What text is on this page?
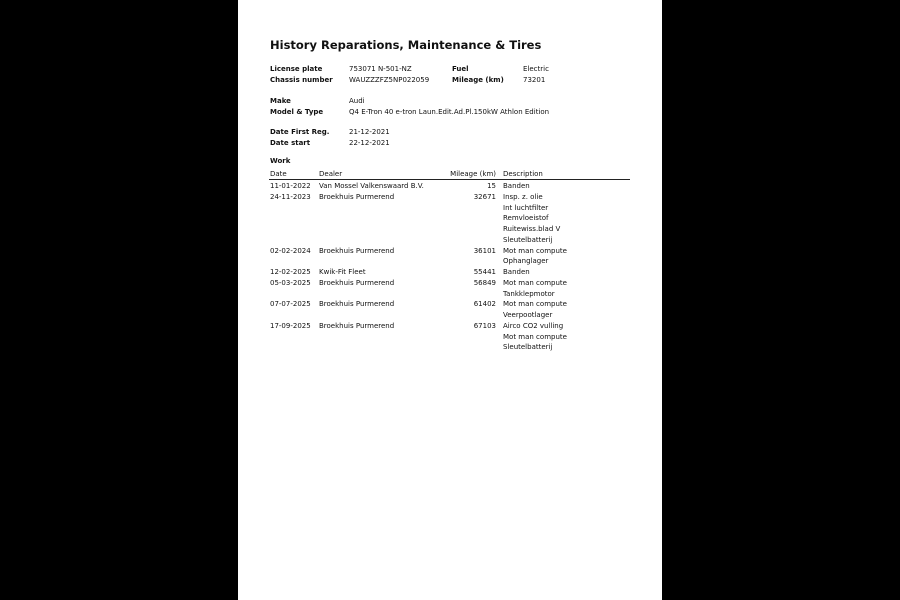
History Reparations, Maintenance & Tires
License plate	753071 N-501-NZ	Fuel	Electric
Chassis number WAUZZZFZ5NP022059	Mileage (km)	73201
Make	Audi
Model & Type	Q4 E-Tron 40 e-tron Laun.Edit.Ad.Pl.150kW Athlon Edition
Date First Reg.	21-12-2021
Date start	22-12-2021
Work
Date	Dealer	Mileage (km) Description
11-01-2022 Van Mossel Valkenswaard B.V.	15 Banden
24-11-2023 Broekhuis Purmerend	32671 Insp. z. olie
Int luchtfilter
Remvloeistof
Ruitewiss.blad V
Sleutelbatterij
02-02-2024 Broekhuis Purmerend	36101 Mot man compute
Ophanglager
12-02-2025 Kwik-Fit Fleet	55441 Banden
05-03-2025 Broekhuis Purmerend	56849 Mot man compute
Tankklepmotor
07-07-2025 Broekhuis Purmerend	61402 Mot man compute
Veerpootlager
17-09-2025 Broekhuis Purmerend	67103 Airco CO2 vulling
Mot man compute
Sleutelbatterij
